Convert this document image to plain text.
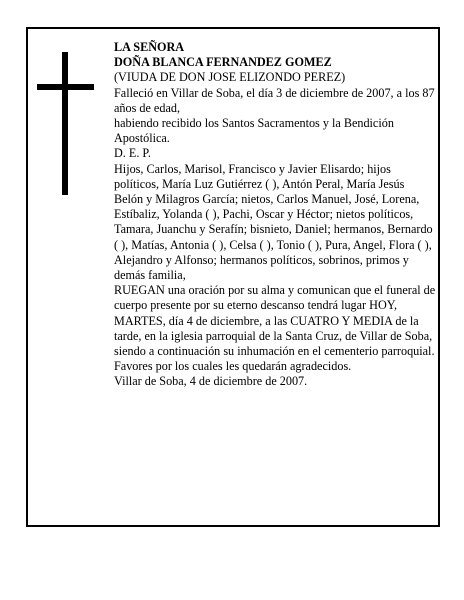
LA SEÑORA

DOÑA BLANCA FERNANDEZ GOMEZ

(VIUDA DE DON JOSE ELIZONDO PEREZ)

Falleció en Villar de Soba, el día 3 de diciembre de 2007, a los 87 años de edad,

habiendo recibido los Santos Sacramentos y la Bendición Apostólica.

D. E. P.

Hijos, Carlos, Marisol, Francisco y Javier Elisardo; hijos políticos, María Luz Gutiérrez ( ), Antón Peral, María Jesús Belón y Milagros García; nietos, Carlos Manuel, José, Lorena, Estíbaliz, Yolanda ( ), Pachi, Oscar y Héctor; nietos políticos, Tamara, Juanchu y Serafín; bisnieto, Daniel; hermanos, Bernardo ( ), Matías, Antonia ( ), Celsa ( ), Tonio ( ), Pura, Angel, Flora ( ), Alejandro y Alfonso; hermanos políticos, sobrinos, primos y demás familia,

RUEGAN una oración por su alma y comunican que el funeral de cuerpo presente por su eterno descanso tendrá lugar HOY, MARTES, día 4 de diciembre, a las CUATRO Y MEDIA de la tarde, en la iglesia parroquial de la Santa Cruz, de Villar de Soba, siendo a continuación su inhumación en el cementerio parroquial. Favores por los cuales les quedarán agradecidos.

Villar de Soba, 4 de diciembre de 2007.
